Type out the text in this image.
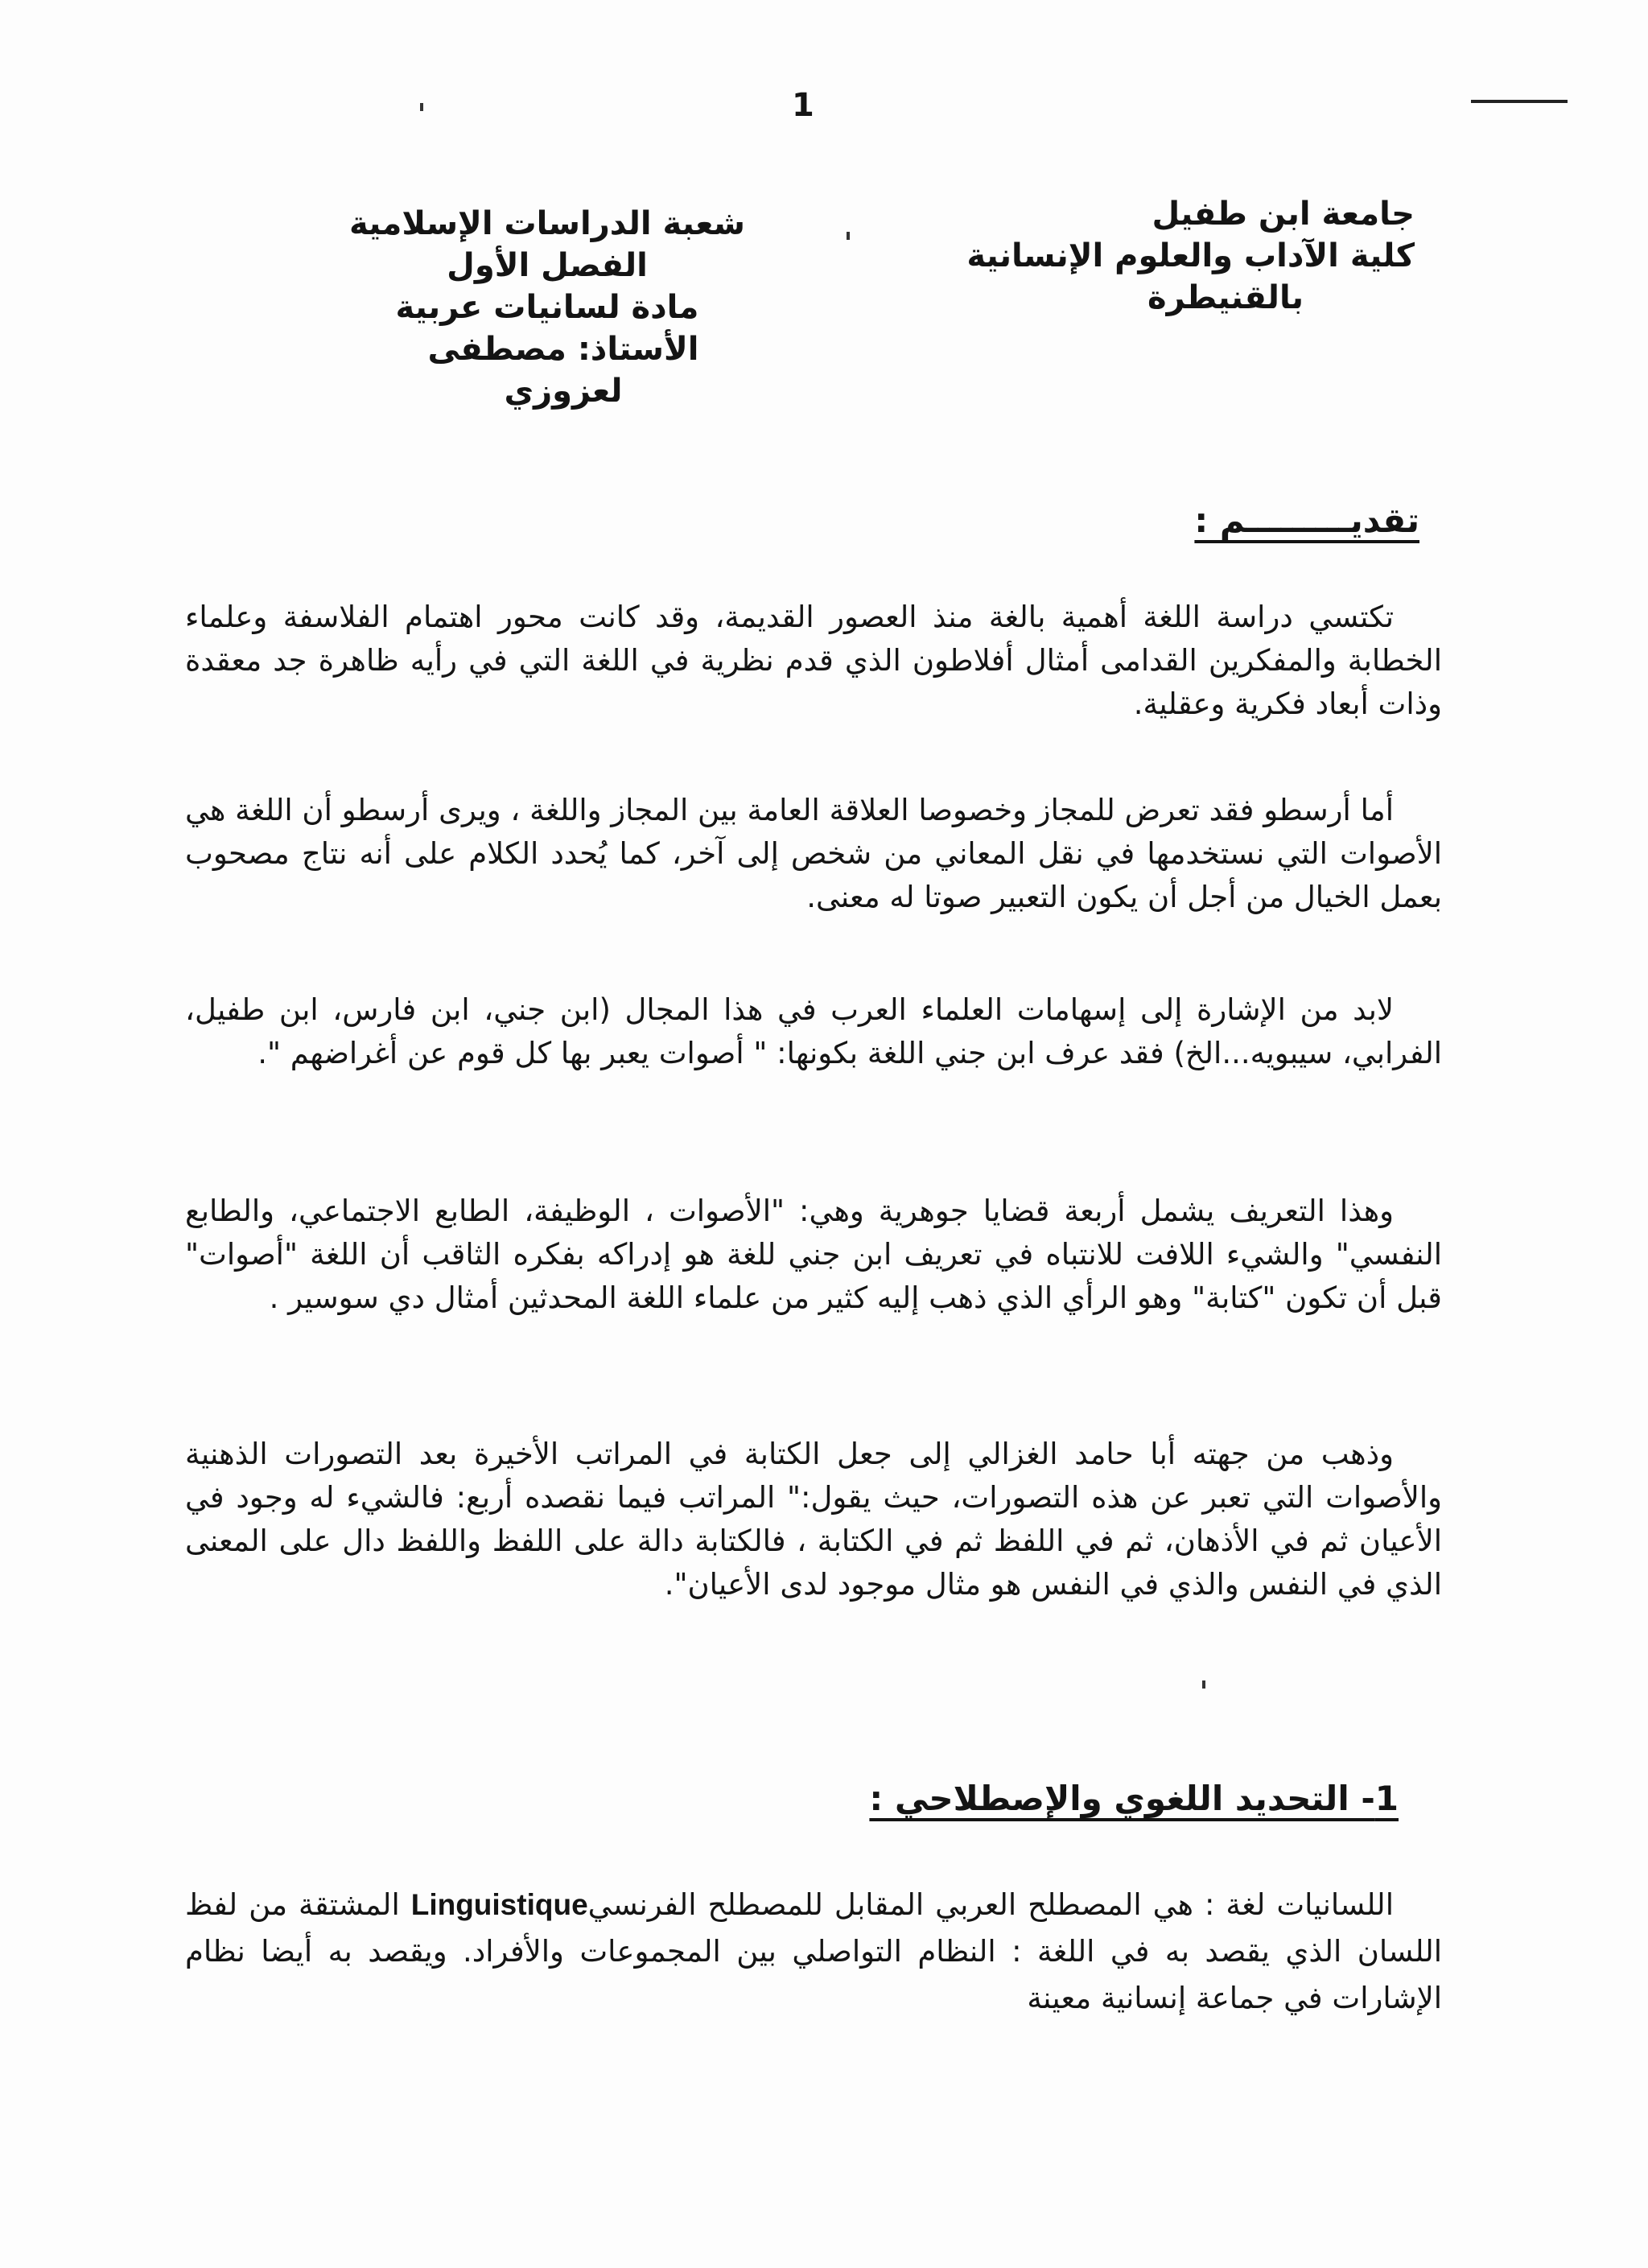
1
جامعة ابن طفيل
كلية الآداب والعلوم الإنسانية
بالقنيطرة
شعبة الدراسات الإسلامية
الفصل الأول
مادة لسانيات عربية
الأستاذ: مصطفى لعزوزي
تقديـــــــــم :

تكتسي دراسة اللغة أهمية بالغة منذ العصور القديمة، وقد كانت محور اهتمام الفلاسفة وعلماء الخطابة والمفكرين القدامى أمثال أفلاطون الذي قدم نظرية في اللغة التي في رأيه ظاهرة جد معقدة وذات أبعاد فكرية وعقلية.

أما أرسطو فقد تعرض للمجاز وخصوصا العلاقة العامة بين المجاز واللغة ، ويرى أرسطو أن اللغة هي الأصوات التي نستخدمها في نقل المعاني من شخص إلى آخر، كما يُحدد الكلام على أنه نتاج مصحوب بعمل الخيال من أجل أن يكون التعبير صوتا له معنى.

لابد من الإشارة إلى إسهامات العلماء العرب في هذا المجال (ابن جني، ابن فارس، ابن طفيل، الفرابي، سيبويه...الخ) فقد عرف ابن جني اللغة بكونها: " أصوات يعبر بها كل قوم عن أغراضهم ".

وهذا التعريف يشمل أربعة قضايا جوهرية وهي: "الأصوات ، الوظيفة، الطابع الاجتماعي، والطابع النفسي" والشيء اللافت للانتباه في تعريف ابن جني للغة هو إدراكه بفكره الثاقب أن اللغة "أصوات" قبل أن تكون "كتابة" وهو الرأي الذي ذهب إليه كثير من علماء اللغة المحدثين أمثال دي سوسير .

وذهب من جهته أبا حامد الغزالي إلى جعل الكتابة في المراتب الأخيرة بعد التصورات الذهنية والأصوات التي تعبر عن هذه التصورات، حيث يقول:" المراتب فيما نقصده أربع: فالشيء له وجود في الأعيان ثم في الأذهان، ثم في اللفظ ثم في الكتابة ، فالكتابة دالة على اللفظ واللفظ دال على المعنى الذي في النفس والذي في النفس هو مثال موجود لدى الأعيان".

1- التحديد اللغوي والإصطلاحي :

اللسانيات لغة : هي المصطلح العربي المقابل للمصطلح الفرنسيLinguistique المشتقة من لفظ اللسان الذي يقصد به في اللغة : النظام التواصلي بين المجموعات والأفراد. ويقصد به أيضا نظام الإشارات في جماعة إنسانية معينة
